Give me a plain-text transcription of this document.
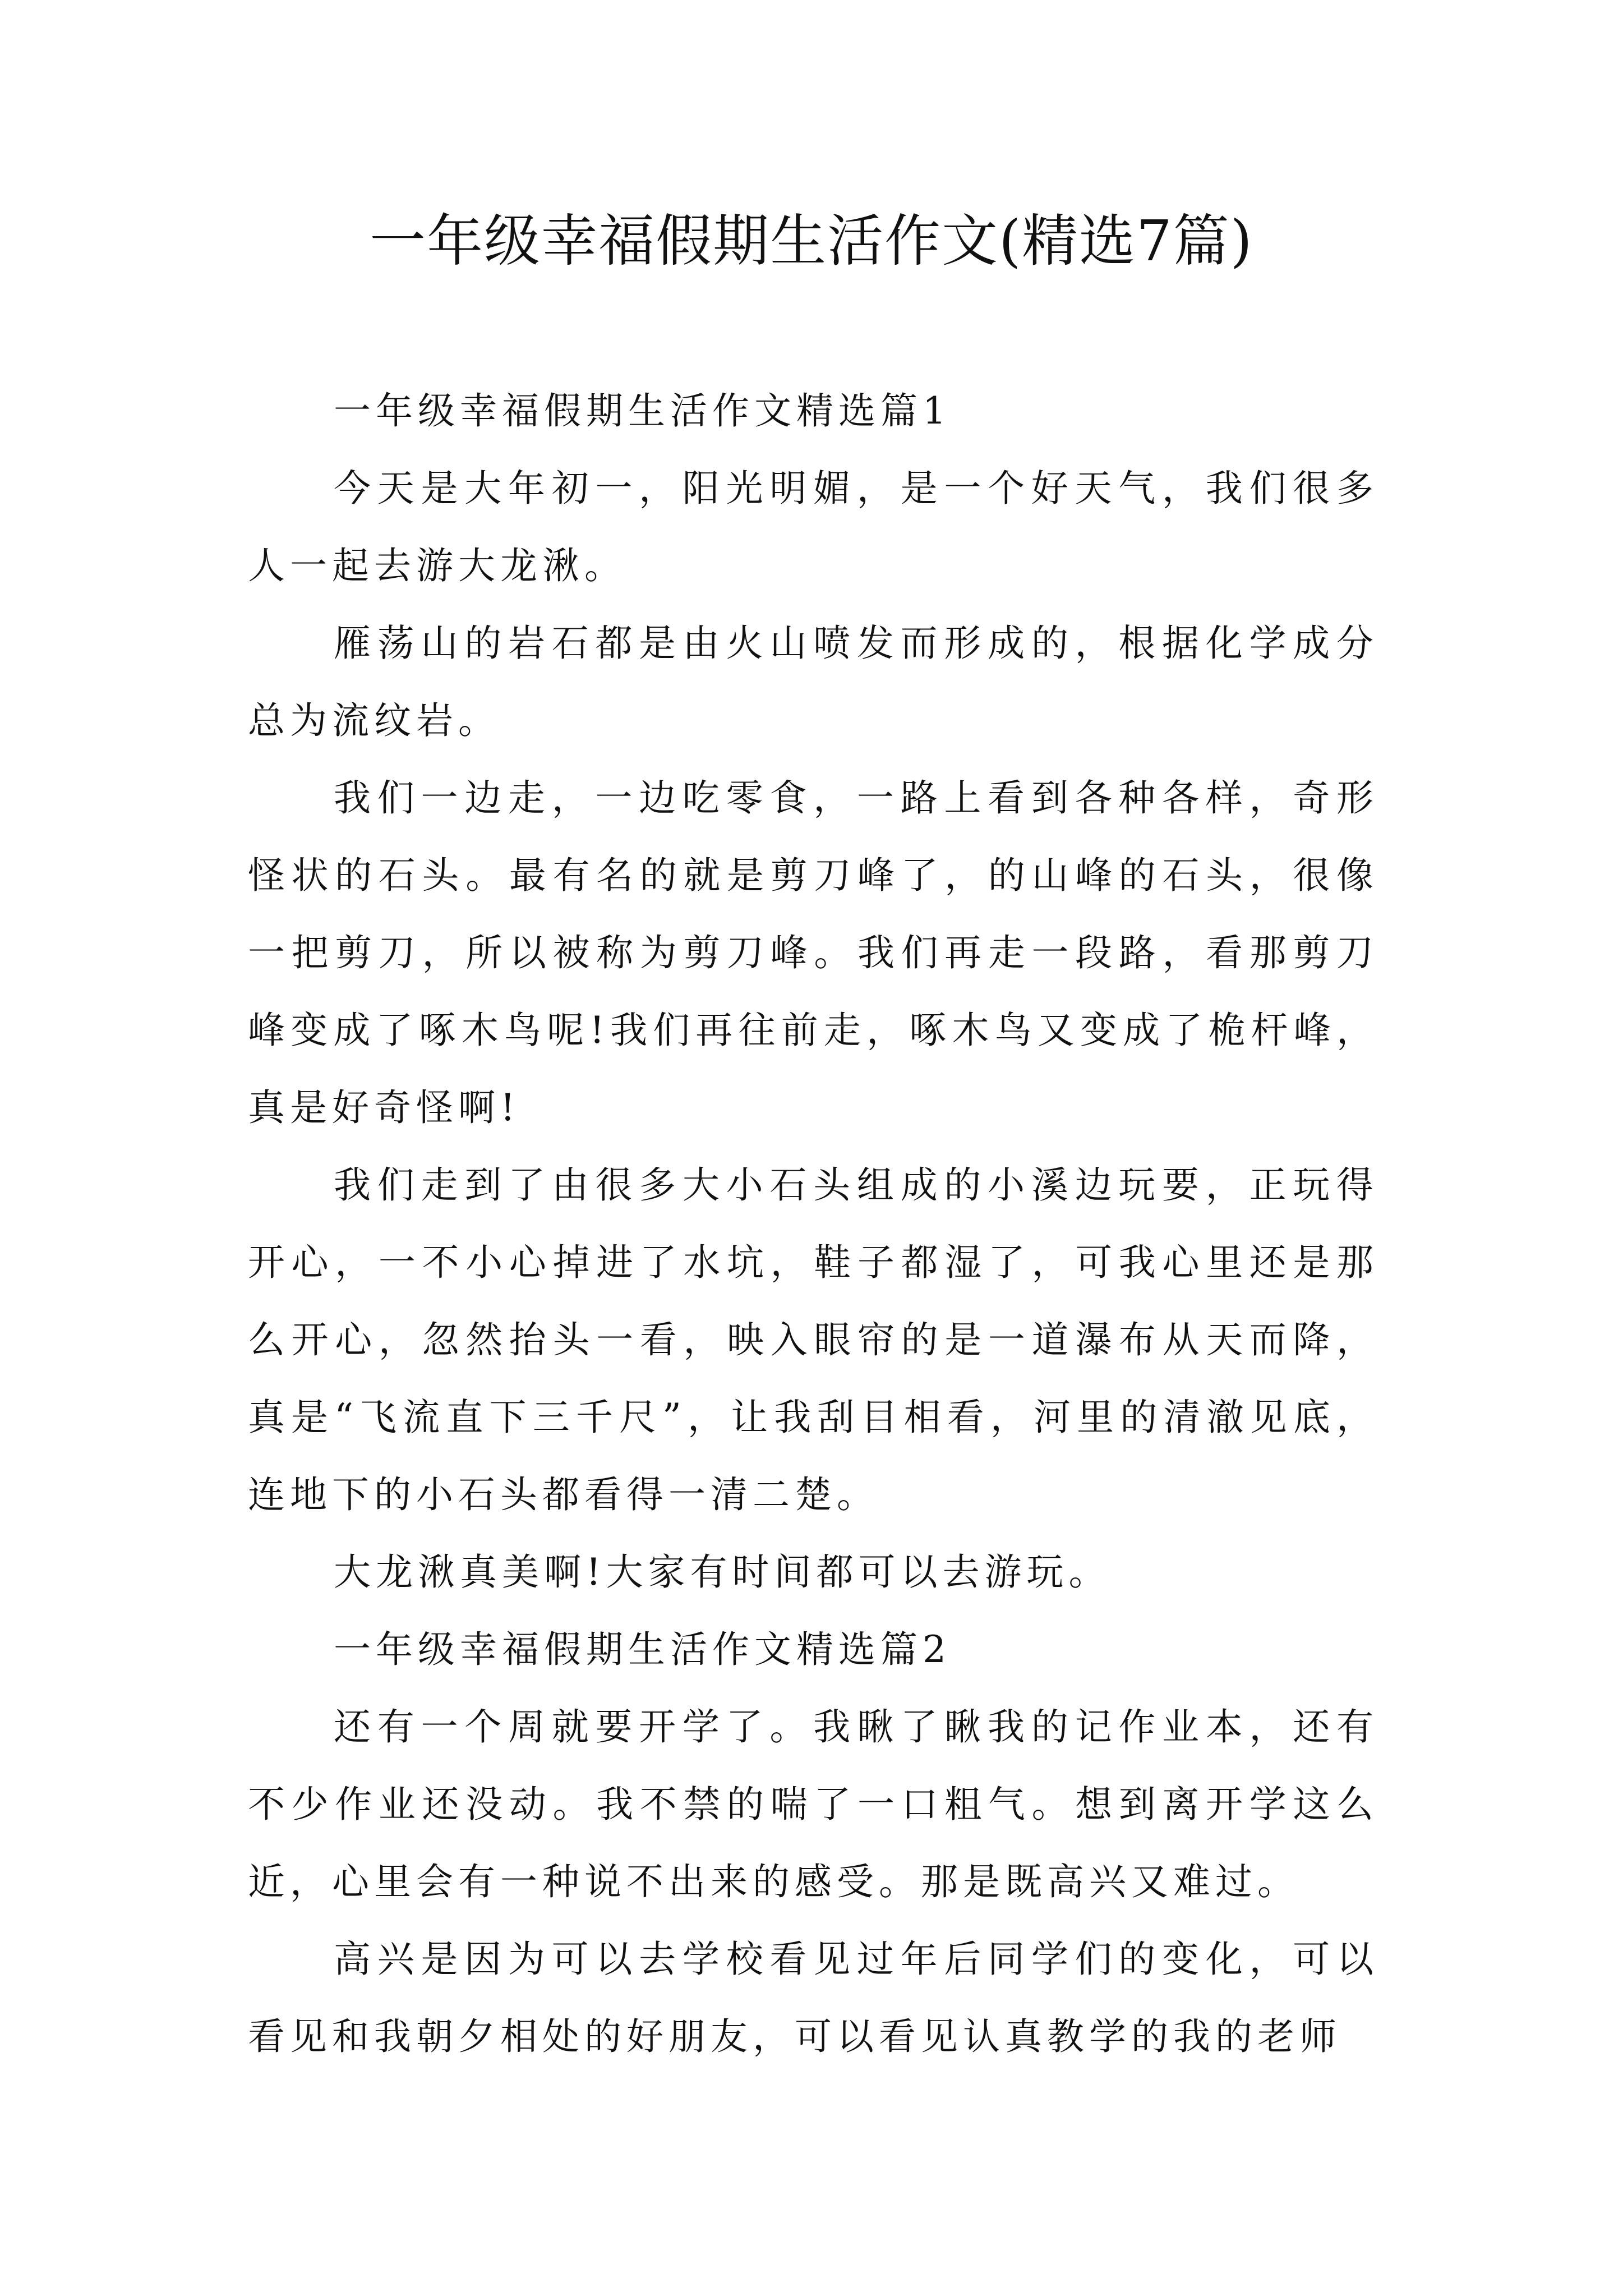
一年级幸福假期生活作文(精选7篇)

一年级幸福假期生活作文精选篇1

今天是大年初一，阳光明媚，是一个好天气，我们很多人一起去游大龙湫。

雁荡山的岩石都是由火山喷发而形成的，根据化学成分总为流纹岩。

我们一边走，一边吃零食，一路上看到各种各样，奇形怪状的石头。最有名的就是剪刀峰了，的山峰的石头，很像一把剪刀，所以被称为剪刀峰。我们再走一段路，看那剪刀峰变成了啄木鸟呢!我们再往前走，啄木鸟又变成了桅杆峰，真是好奇怪啊!

我们走到了由很多大小石头组成的小溪边玩要，正玩得开心，一不小心掉进了水坑，鞋子都湿了，可我心里还是那么开心，忽然抬头一看，映入眼帘的是一道瀑布从天而降，真是“飞流直下三千尺”，让我刮目相看，河里的清澈见底，连地下的小石头都看得一清二楚。

大龙湫真美啊!大家有时间都可以去游玩。

一年级幸福假期生活作文精选篇2

还有一个周就要开学了。我瞅了瞅我的记作业本，还有不少作业还没动。我不禁的喘了一口粗气。想到离开学这么近，心里会有一种说不出来的感受。那是既高兴又难过。

高兴是因为可以去学校看见过年后同学们的变化，可以看见和我朝夕相处的好朋友，可以看见认真教学的我的老师
